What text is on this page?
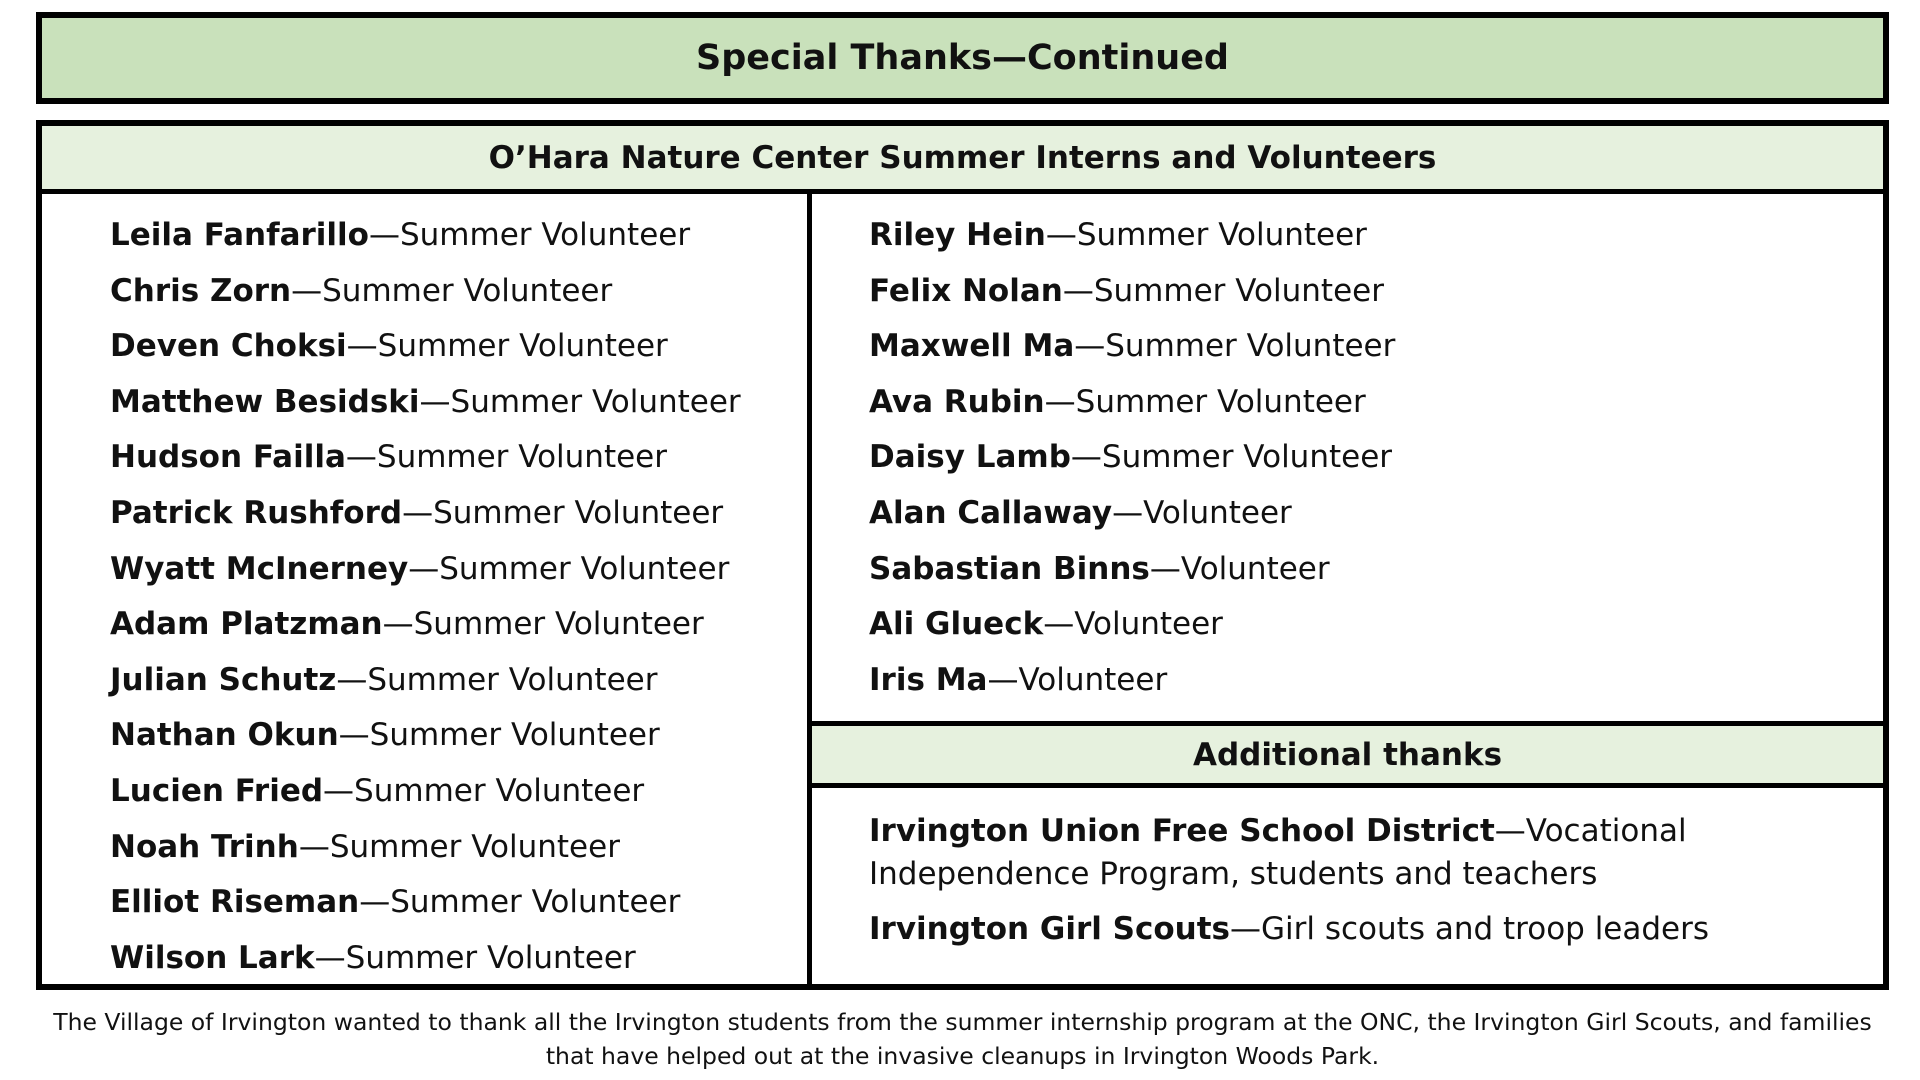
Special Thanks—Continued
O’Hara Nature Center Summer Interns and Volunteers
Leila Fanfarillo—Summer Volunteer
Chris Zorn—Summer Volunteer
Deven Choksi—Summer Volunteer
Matthew Besidski—Summer Volunteer
Hudson Failla—Summer Volunteer
Patrick Rushford—Summer Volunteer
Wyatt McInerney—Summer Volunteer
Adam Platzman—Summer Volunteer
Julian Schutz—Summer Volunteer
Nathan Okun—Summer Volunteer
Lucien Fried—Summer Volunteer
Noah Trinh—Summer Volunteer
Elliot Riseman—Summer Volunteer
Wilson Lark—Summer Volunteer
Riley Hein—Summer Volunteer
Felix Nolan—Summer Volunteer
Maxwell Ma—Summer Volunteer
Ava Rubin—Summer Volunteer
Daisy Lamb—Summer Volunteer
Alan Callaway—Volunteer
Sabastian Binns—Volunteer
Ali Glueck—Volunteer
Iris Ma—Volunteer
Additional thanks
Irvington Union Free School District—Vocational Independence Program, students and teachers
Irvington Girl Scouts—Girl scouts and troop leaders
The Village of Irvington wanted to thank all the Irvington students from the summer internship program at the ONC, the Irvington Girl Scouts, and families that have helped out at the invasive cleanups in Irvington Woods Park.
